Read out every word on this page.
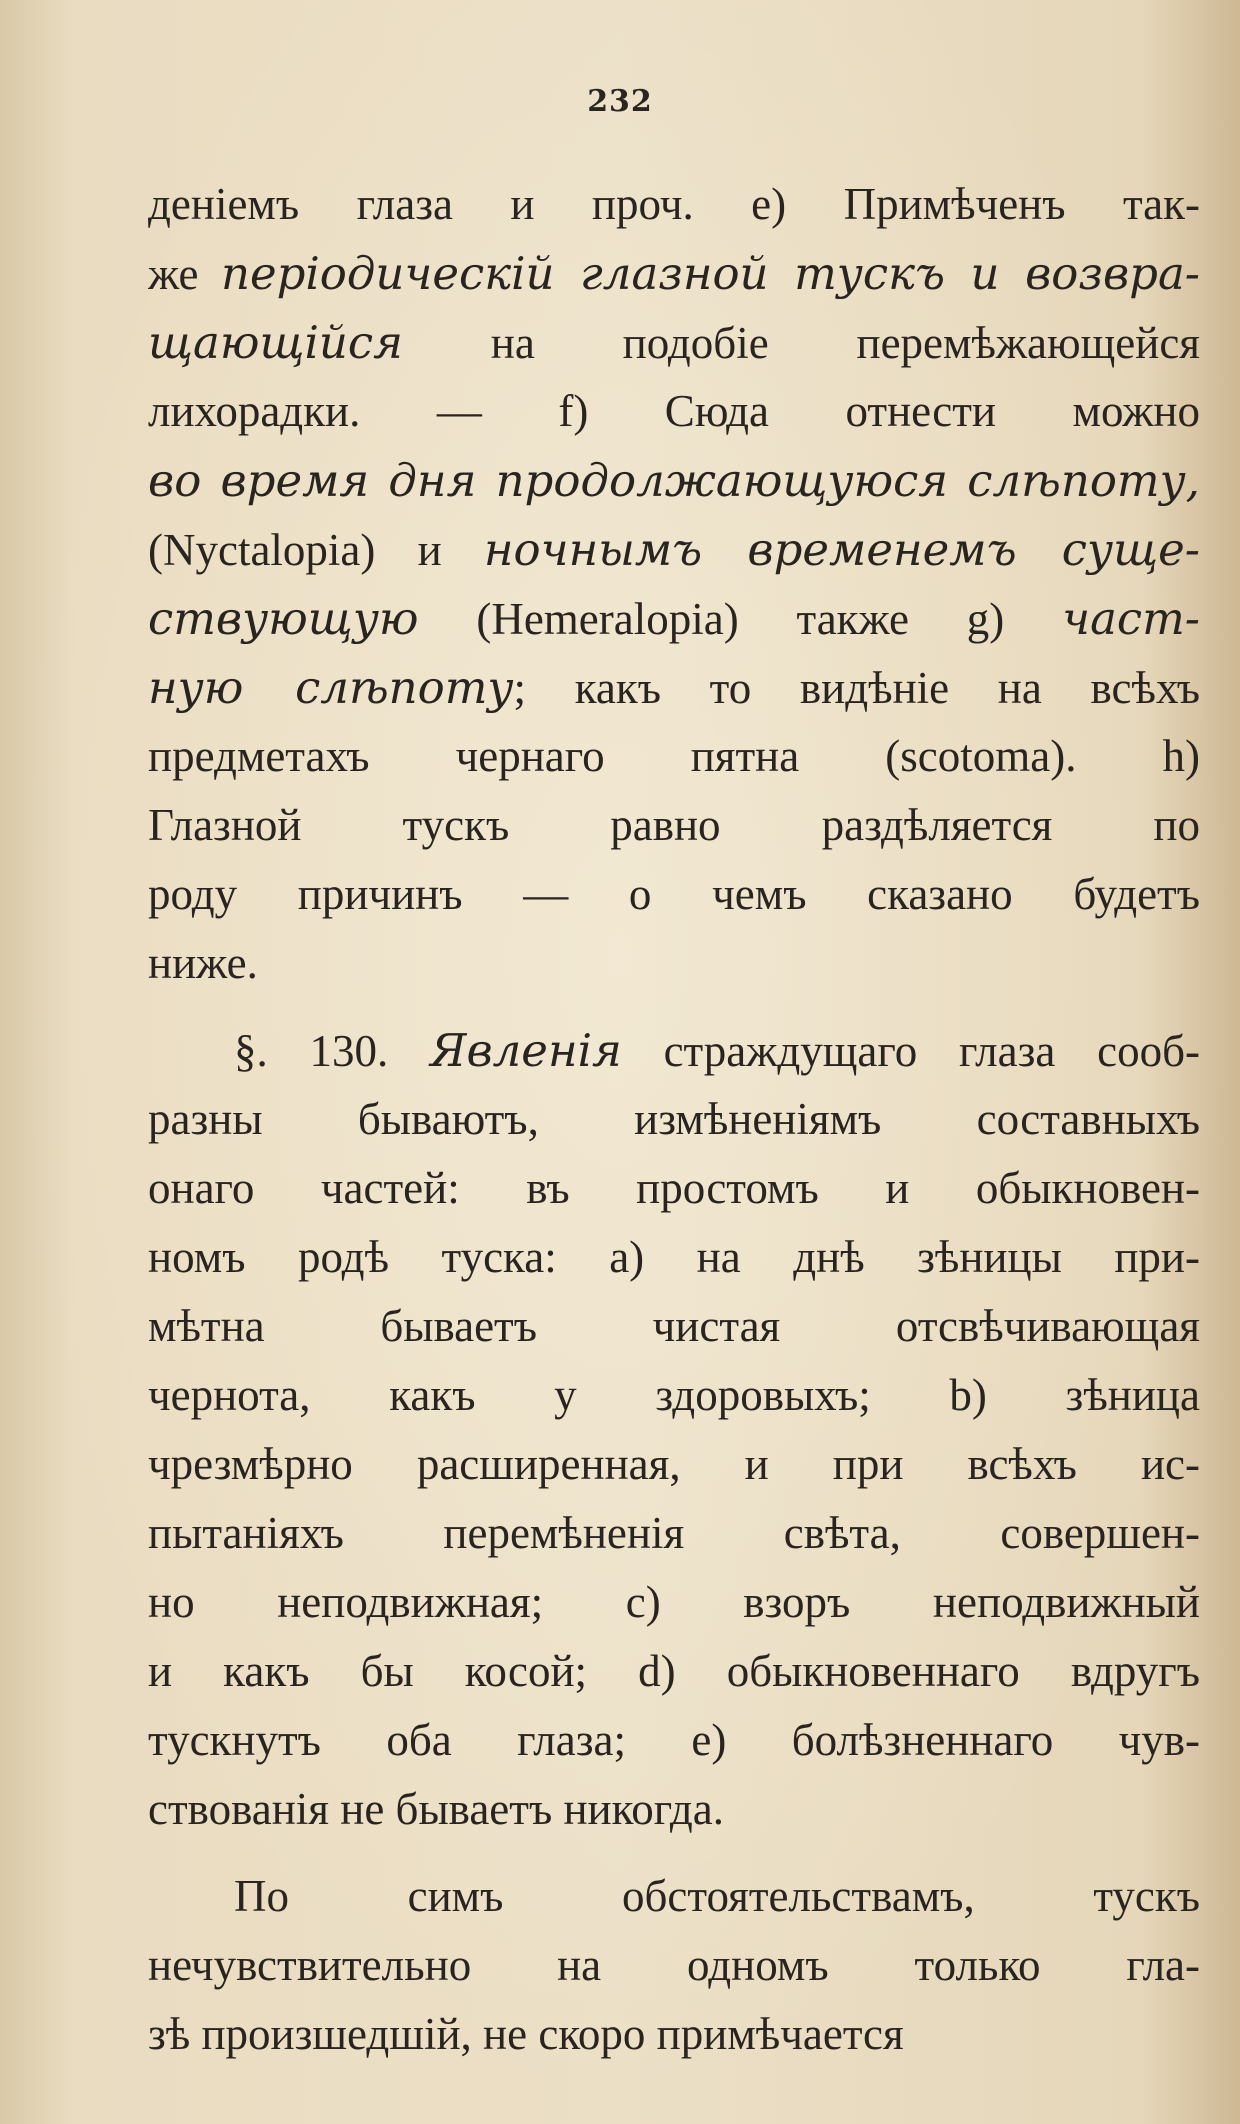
232
деніемъ глаза и проч. e) Примѣченъ так-
же періодическій глазной тускъ и возвра-
щающійся на подобіе перемѣжающейся
лихорадки. — f) Сюда отнести можно
во время дня продолжающуюся слѣпоту,
(Nyctalopia) и ночнымъ временемъ суще-
ствующую (Hemeralopia) также g) част-
ную слѣпоту; какъ то видѣніе на всѣхъ
предметахъ чернаго пятна (scotoma). h)
Глазной тускъ равно раздѣляется по
роду причинъ — о чемъ сказано будетъ
ниже.
§. 130. Явленія страждущаго глаза сооб-
разны бываютъ, измѣненіямъ составныхъ
онаго частей: въ простомъ и обыкновен-
номъ родѣ туска: a) на днѣ зѣницы при-
мѣтна бываетъ чистая отсвѣчивающая
чернота, какъ у здоровыхъ; b) зѣница
чрезмѣрно расширенная, и при всѣхъ ис-
пытаніяхъ перемѣненія свѣта, совершен-
но неподвижная; c) взоръ неподвижный
и какъ бы косой; d) обыкновеннаго вдругъ
тускнутъ оба глаза; e) болѣзненнаго чув-
ствованія не бываетъ никогда.
По симъ обстоятельствамъ, тускъ
нечувствительно на одномъ только гла-
зѣ произшедшій, не скоро примѣчается
